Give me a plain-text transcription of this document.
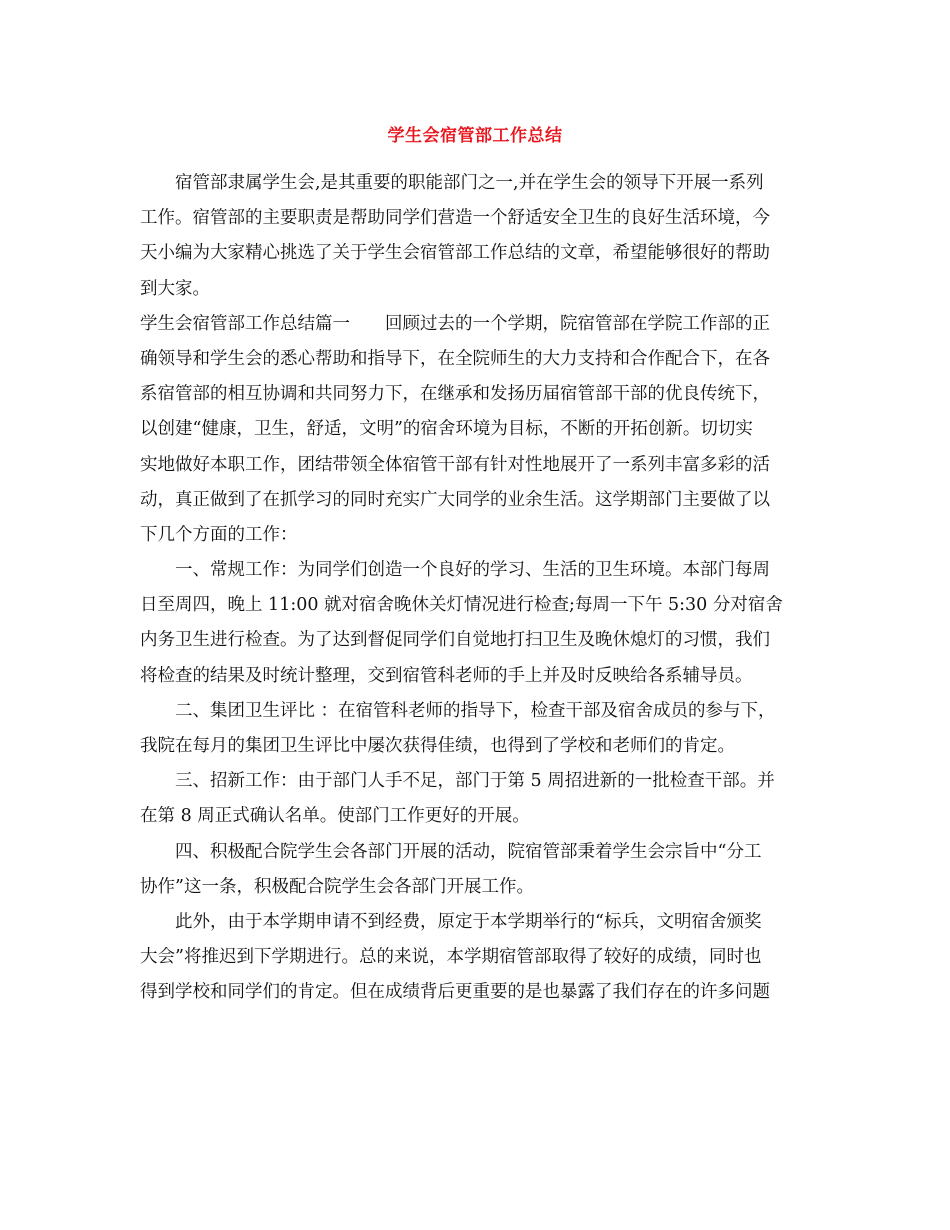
学生会宿管部工作总结
宿管部隶属学生会,是其重要的职能部门之一,并在学生会的领导下开展一系列
工作。宿管部的主要职责是帮助同学们营造一个舒适安全卫生的良好生活环境，今
天小编为大家精心挑选了关于学生会宿管部工作总结的文章，希望能够很好的帮助
到大家。
学生会宿管部工作总结篇一　　回顾过去的一个学期，院宿管部在学院工作部的正
确领导和学生会的悉心帮助和指导下，在全院师生的大力支持和合作配合下，在各
系宿管部的相互协调和共同努力下，在继承和发扬历届宿管部干部的优良传统下，
以创建“健康，卫生，舒适，文明”的宿舍环境为目标，不断的开拓创新。切切实
实地做好本职工作，团结带领全体宿管干部有针对性地展开了一系列丰富多彩的活
动，真正做到了在抓学习的同时充实广大同学的业余生活。这学期部门主要做了以
下几个方面的工作：
一、常规工作：为同学们创造一个良好的学习、生活的卫生环境。本部门每周
日至周四，晚上 11:00 就对宿舍晚休关灯情况进行检查;每周一下午 5:30 分对宿舍
内务卫生进行检查。为了达到督促同学们自觉地打扫卫生及晚休熄灯的习惯，我们
将检查的结果及时统计整理，交到宿管科老师的手上并及时反映给各系辅导员。
二、集团卫生评比 ：在宿管科老师的指导下，检查干部及宿舍成员的参与下，
我院在每月的集团卫生评比中屡次获得佳绩，也得到了学校和老师们的肯定。
三、招新工作：由于部门人手不足，部门于第 5 周招进新的一批检查干部。并
在第 8 周正式确认名单。使部门工作更好的开展。
四、积极配合院学生会各部门开展的活动，院宿管部秉着学生会宗旨中“分工
协作”这一条，积极配合院学生会各部门开展工作。
此外，由于本学期申请不到经费，原定于本学期举行的“标兵，文明宿舍颁奖
大会”将推迟到下学期进行。总的来说，本学期宿管部取得了较好的成绩，同时也
得到学校和同学们的肯定。但在成绩背后更重要的是也暴露了我们存在的许多问题
